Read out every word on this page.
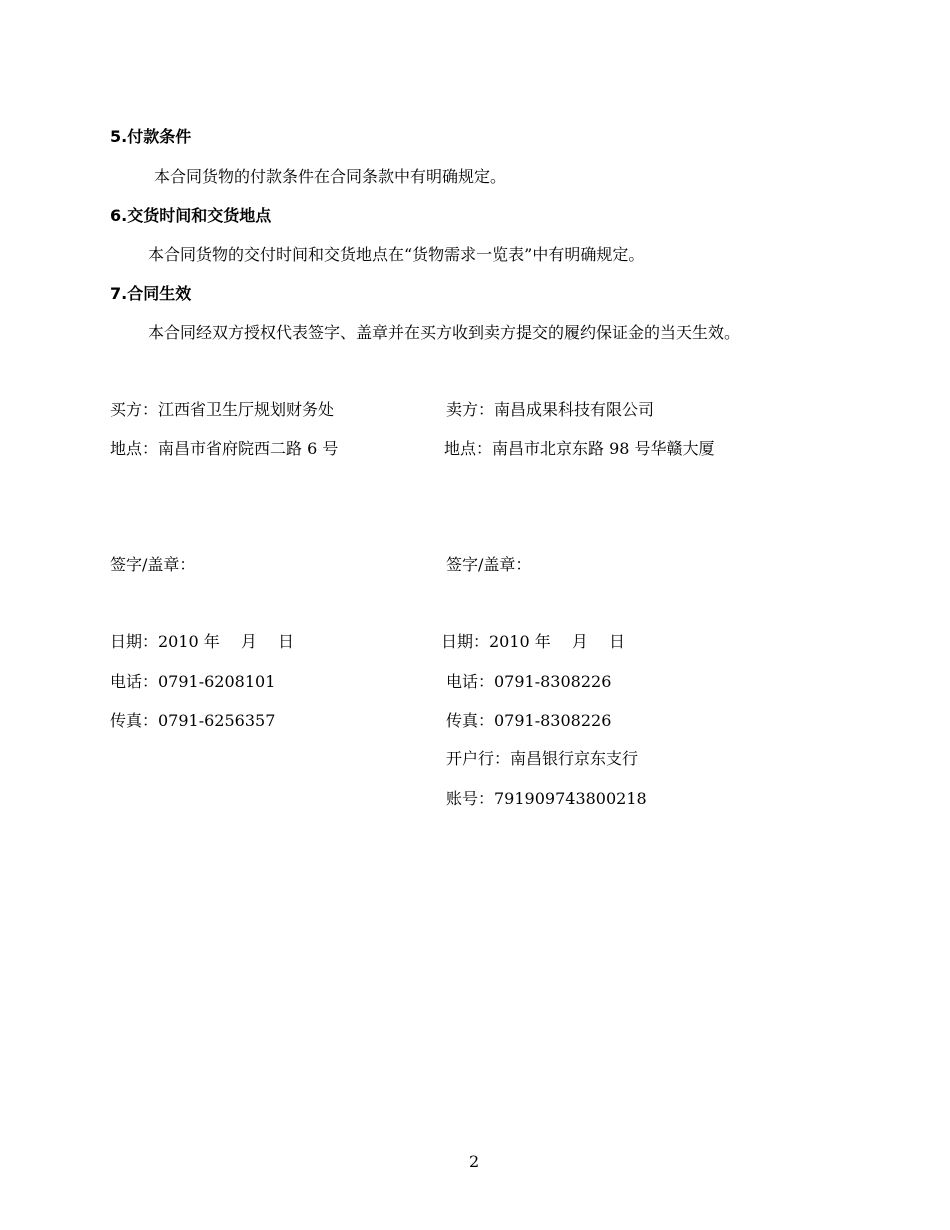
5.付款条件
本合同货物的付款条件在合同条款中有明确规定。
6.交货时间和交货地点
本合同货物的交付时间和交货地点在“货物需求一览表”中有明确规定。
7.合同生效
本合同经双方授权代表签字、盖章并在买方收到卖方提交的履约保证金的当天生效。
买方：江西省卫生厅规划财务处
地点：南昌市省府院西二路 6 号
签字/盖章：
日期：2010 年　 月　 日
电话：0791-6208101
传真：0791-6256357
卖方：南昌成果科技有限公司
地点：南昌市北京东路 98 号华赣大厦
签字/盖章：
日期：2010 年　 月　 日
电话：0791-8308226
传真：0791-8308226
开户行：南昌银行京东支行
账号：791909743800218
2
